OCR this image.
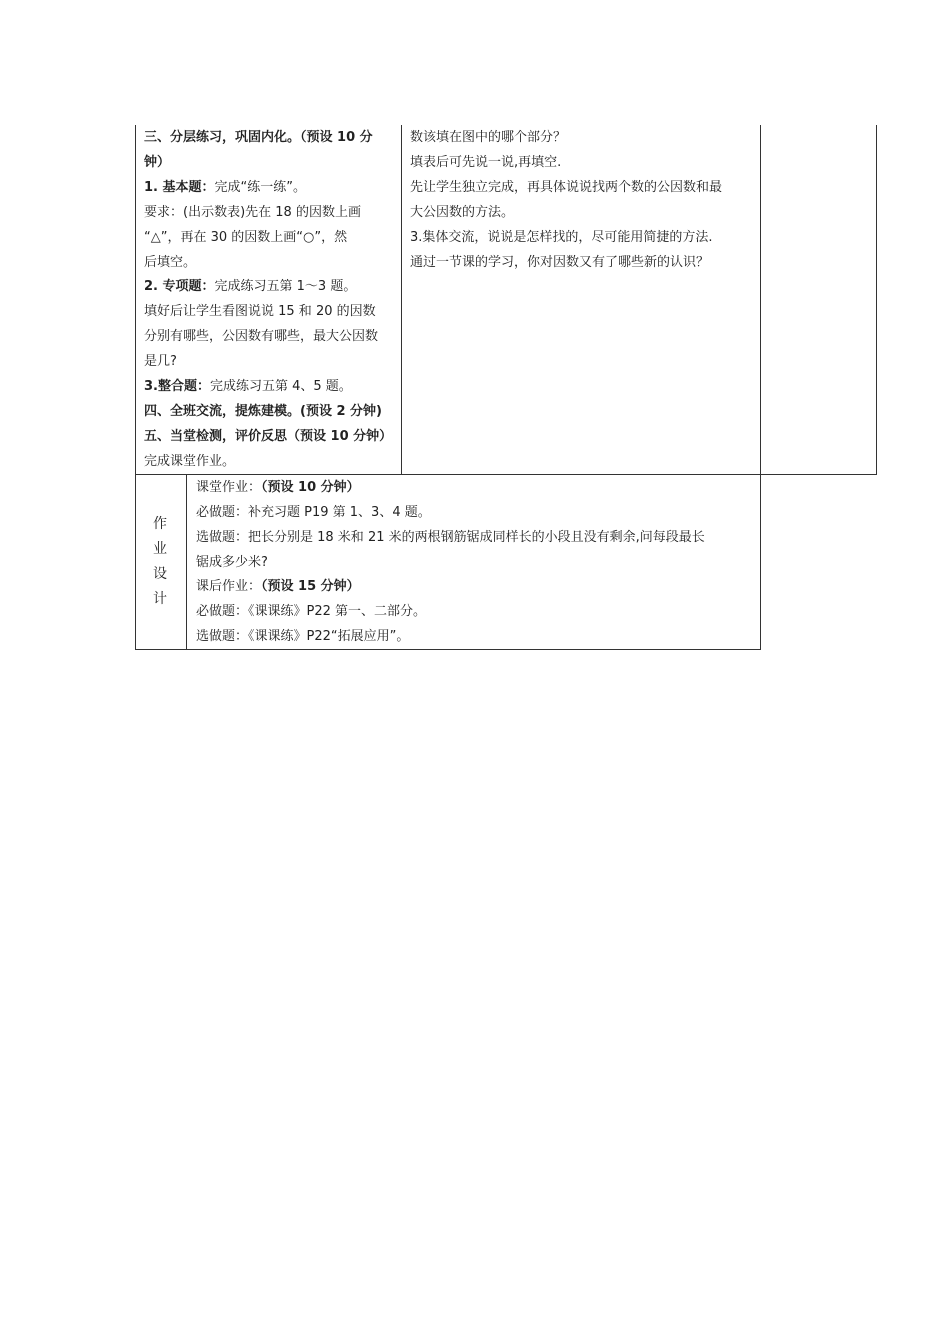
三、分层练习，巩固内化。（预设 10 分
钟）
1. 基本题：完成“练一练”。
要求：(出示数表)先在 18 的因数上画
“△”，再在 30 的因数上画“○”，然
后填空。
2. 专项题：完成练习五第 1～3 题。
填好后让学生看图说说 15 和 20 的因数
分别有哪些，公因数有哪些，最大公因数
是几?
3.整合题：完成练习五第 4、5 题。
四、全班交流，提炼建模。(预设 2 分钟)
五、当堂检测，评价反思（预设 10 分钟）
完成课堂作业。
数该填在图中的哪个部分？
填表后可先说一说,再填空.
先让学生独立完成，再具体说说找两个数的公因数和最
大公因数的方法。
3.集体交流，说说是怎样找的，尽可能用简捷的方法.
通过一节课的学习，你对因数又有了哪些新的认识？
作
业
设
计
课堂作业：（预设 10 分钟）
必做题：补充习题 P19 第 1、3、4 题。
选做题：把长分别是 18 米和 21 米的两根钢筋锯成同样长的小段且没有剩余,问每段最长
锯成多少米?
课后作业：（预设 15 分钟）
必做题：《课课练》P22 第一、二部分。
选做题：《课课练》P22“拓展应用”。
